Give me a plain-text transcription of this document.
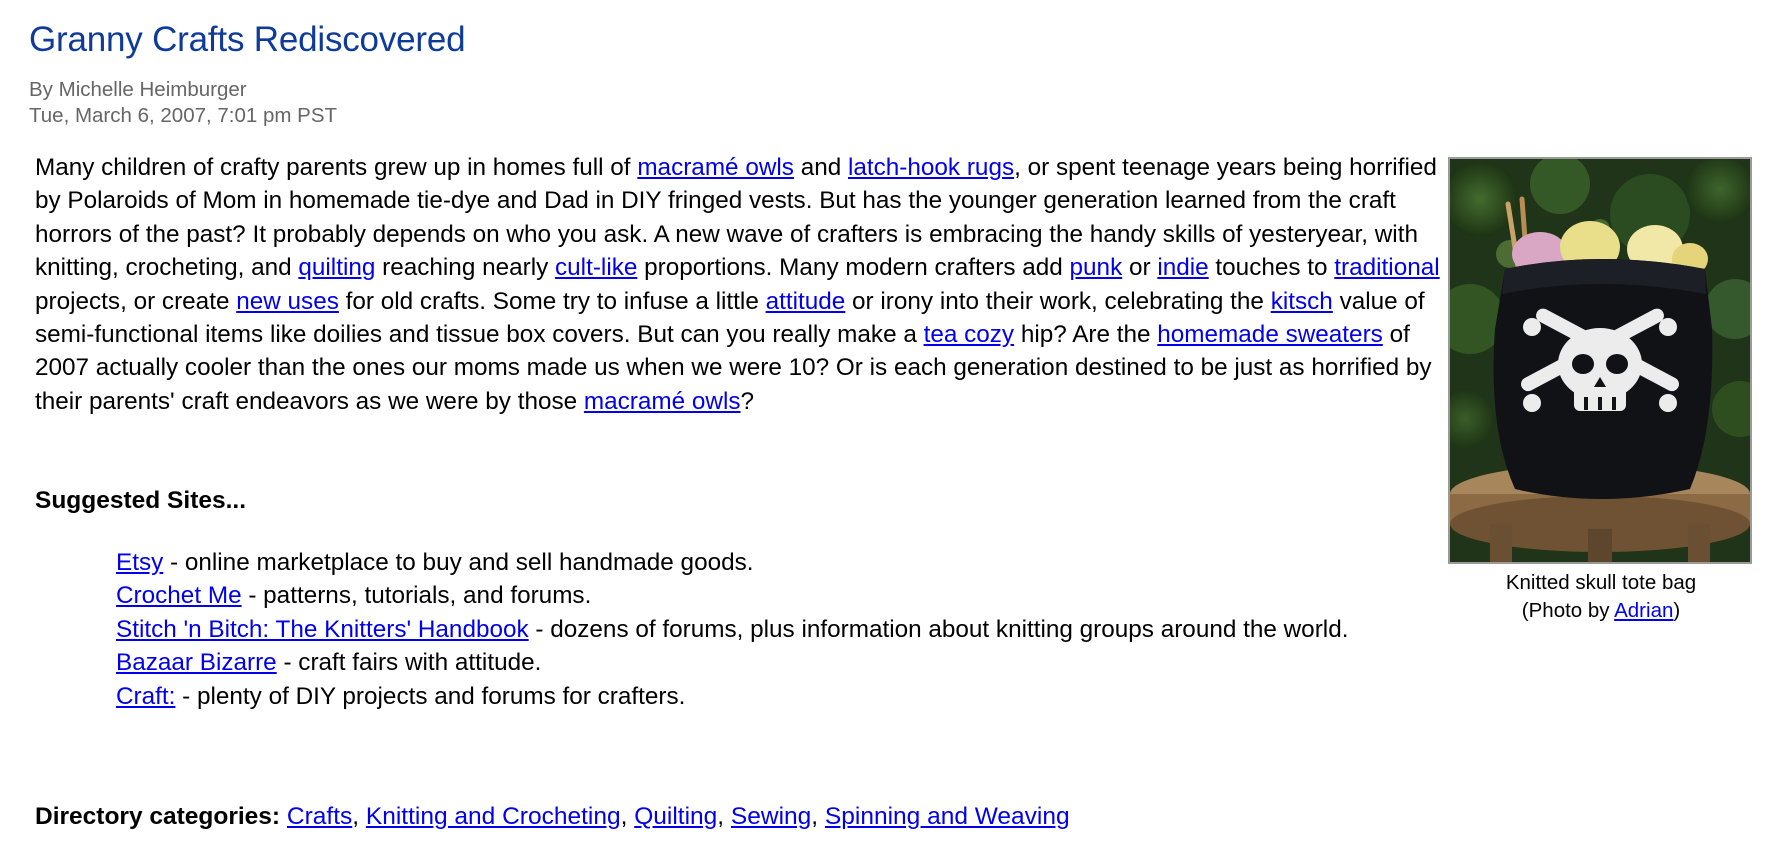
Granny Crafts Rediscovered
By Michelle Heimburger
Tue, March 6, 2007, 7:01 pm PST

Many children of crafty parents grew up in homes full of macramé owls and latch-hook rugs, or spent teenage years being horrified by Polaroids of Mom in homemade tie-dye and Dad in DIY fringed vests. But has the younger generation learned from the craft horrors of the past? It probably depends on who you ask. A new wave of crafters is embracing the handy skills of yesteryear, with knitting, crocheting, and quilting reaching nearly cult-like proportions. Many modern crafters add punk or indie touches to traditional projects, or create new uses for old crafts. Some try to infuse a little attitude or irony into their work, celebrating the kitsch value of semi-functional items like doilies and tissue box covers. But can you really make a tea cozy hip? Are the homemade sweaters of 2007 actually cooler than the ones our moms made us when we were 10? Or is each generation destined to be just as horrified by their parents' craft endeavors as we were by those macramé owls?

Suggested Sites...
Etsy - online marketplace to buy and sell handmade goods.
Crochet Me - patterns, tutorials, and forums.
Stitch 'n Bitch: The Knitters' Handbook - dozens of forums, plus information about knitting groups around the world.
Bazaar Bizarre - craft fairs with attitude.
Craft: - plenty of DIY projects and forums for crafters.
Directory categories: Crafts, Knitting and Crocheting, Quilting, Sewing, Spinning and Weaving
Knitted skull tote bag
(Photo by Adrian)
